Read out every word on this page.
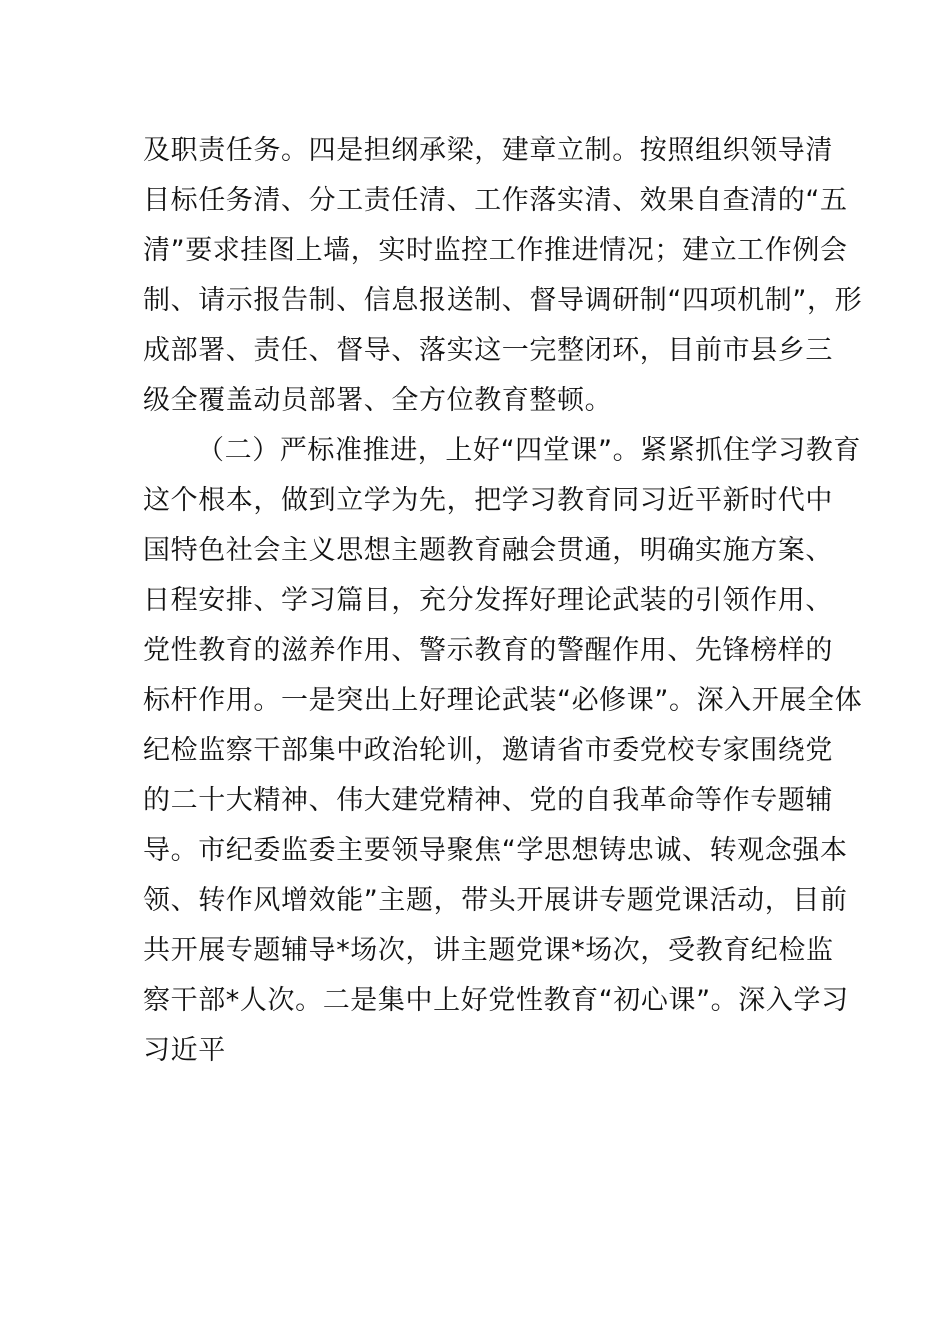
及职责任务。四是担纲承梁，建章立制。按照组织领导清
目标任务清、分工责任清、工作落实清、效果自查清的“五
清”要求挂图上墙，实时监控工作推进情况；建立工作例会
制、请示报告制、信息报送制、督导调研制“四项机制”，形
成部署、责任、督导、落实这一完整闭环，目前市县乡三
级全覆盖动员部署、全方位教育整顿。
（二）严标准推进，上好“四堂课”。紧紧抓住学习教育
这个根本，做到立学为先，把学习教育同习近平新时代中
国特色社会主义思想主题教育融会贯通，明确实施方案、
日程安排、学习篇目，充分发挥好理论武装的引领作用、
党性教育的滋养作用、警示教育的警醒作用、先锋榜样的
标杆作用。一是突出上好理论武装“必修课”。深入开展全体
纪检监察干部集中政治轮训，邀请省市委党校专家围绕党
的二十大精神、伟大建党精神、党的自我革命等作专题辅
导。市纪委监委主要领导聚焦“学思想铸忠诚、转观念强本
领、转作风增效能”主题，带头开展讲专题党课活动，目前
共开展专题辅导*场次，讲主题党课*场次，受教育纪检监
察干部*人次。二是集中上好党性教育“初心课”。深入学习
习近平
